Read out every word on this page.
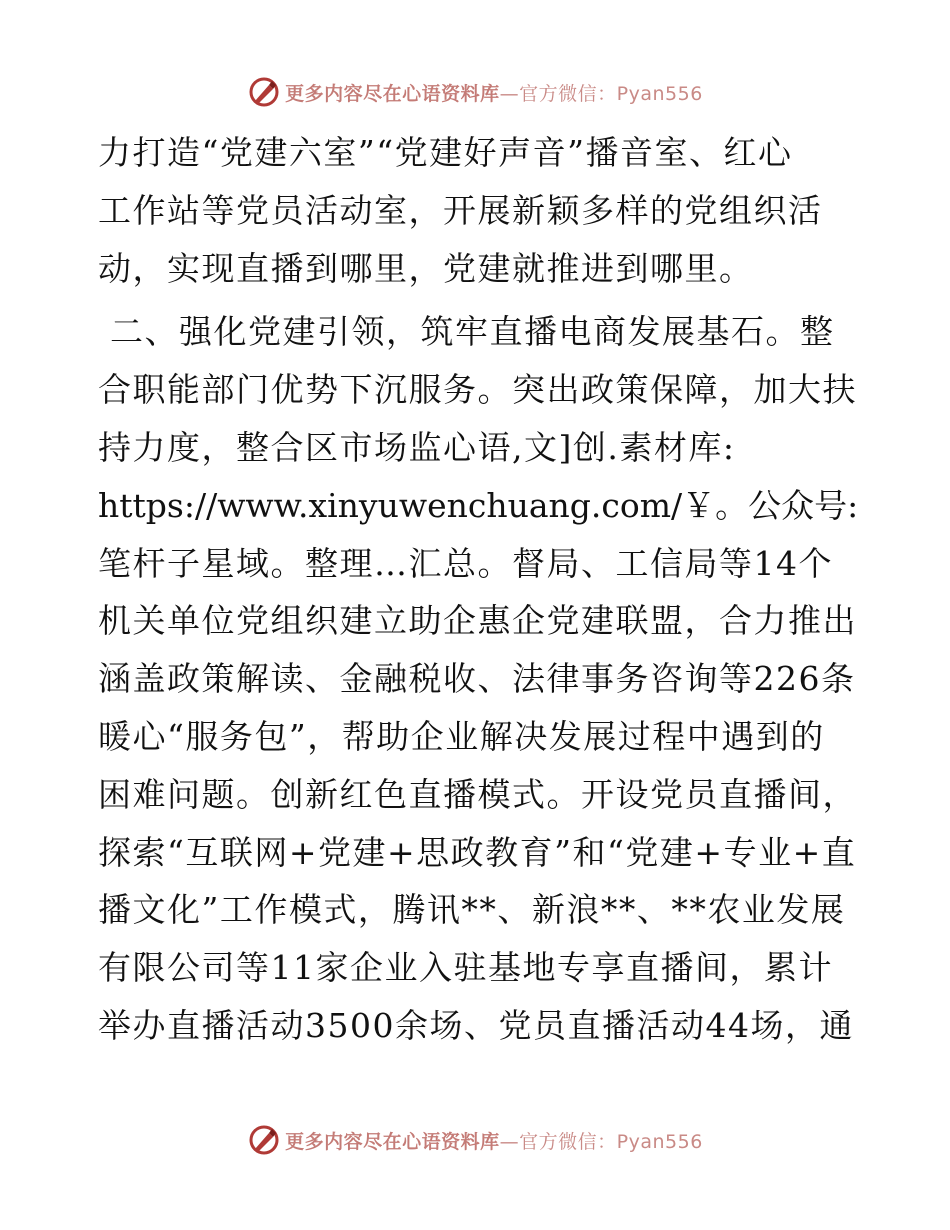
更多内容尽在心语资料库—官方微信：Pyan556
力打造“党建六室”“党建好声音”播音室、红心
工作站等党员活动室，开展新颖多样的党组织活
动，实现直播到哪里，党建就推进到哪里。
二、强化党建引领，筑牢直播电商发展基石。整
合职能部门优势下沉服务。突出政策保障，加大扶
持力度，整合区市场监心语,文]创.素材库:
https://www.xinyuwenchuang.com/￥。公众号:
笔杆子星域。整理…汇总。督局、工信局等14个
机关单位党组织建立助企惠企党建联盟，合力推出
涵盖政策解读、金融税收、法律事务咨询等226条
暖心“服务包”，帮助企业解决发展过程中遇到的
困难问题。创新红色直播模式。开设党员直播间，
探索“互联网+党建+思政教育”和“党建+专业+直
播文化”工作模式，腾讯**、新浪**、**农业发展
有限公司等11家企业入驻基地专享直播间，累计
举办直播活动3500余场、党员直播活动44场，通
更多内容尽在心语资料库—官方微信：Pyan556
